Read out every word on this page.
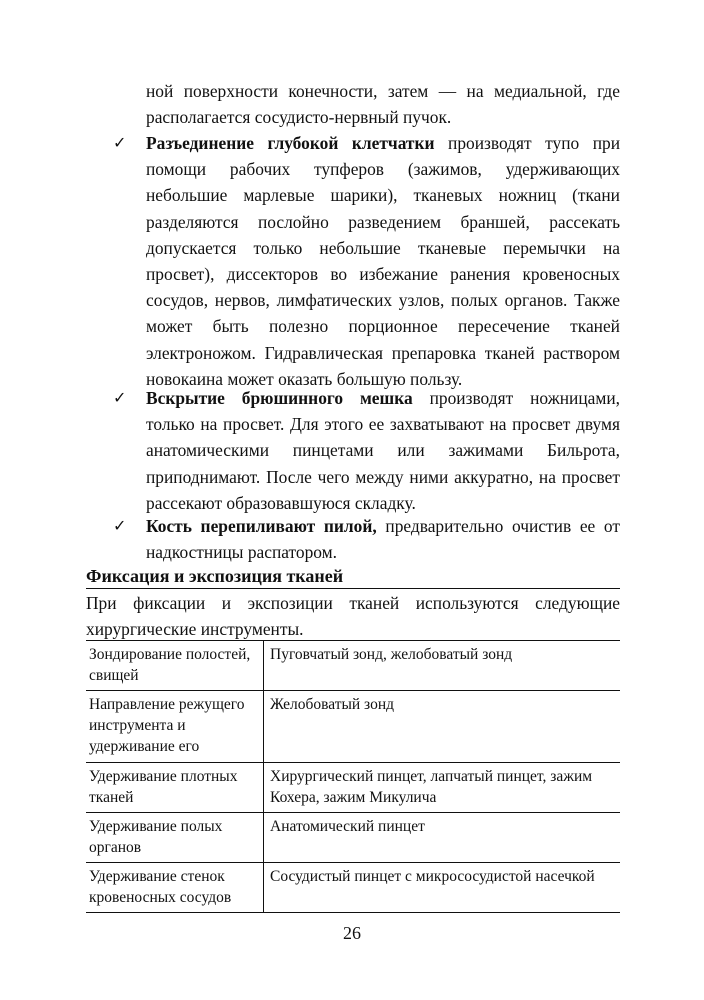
ной поверхности конечности, затем — на медиальной, где располагается сосудисто-нервный пучок.

✓ Разъединение глубокой клетчатки производят тупо при помощи рабочих тупферов (зажимов, удерживающих небольшие марлевые шарики), тканевых ножниц (ткани разделяются послойно разведением браншей, рассекать допускается только небольшие тканевые перемычки на просвет), диссекторов во избежание ранения кровеносных сосудов, нервов, лимфатических узлов, полых органов. Также может быть полезно порционное пересечение тканей электроножом. Гидравлическая препаровка тканей раствором новокаина может оказать большую пользу.
✓ Вскрытие брюшинного мешка производят ножницами, только на просвет. Для этого ее захватывают на просвет двумя анатомическими пинцетами или зажимами Бильрота, приподнимают. После чего между ними аккуратно, на просвет рассекают образовавшуюся складку.
✓ Кость перепиливают пилой, предварительно очистив ее от надкостницы распатором.
Фиксация и экспозиция тканей

При фиксации и экспозиции тканей используются следующие хирургические инструменты.

Зондирование полостей, свищей	Пуговчатый зонд, желобоватый зонд
Направление режущего инструмента и удерживание его	Желобоватый зонд
Удерживание плотных тканей	Хирургический пинцет, лапчатый пинцет, зажим Кохера, зажим Микулича
Удерживание полых органов	Анатомический пинцет
Удерживание стенок кровеносных сосудов	Сосудистый пинцет с микрососудистой насечкой
26
